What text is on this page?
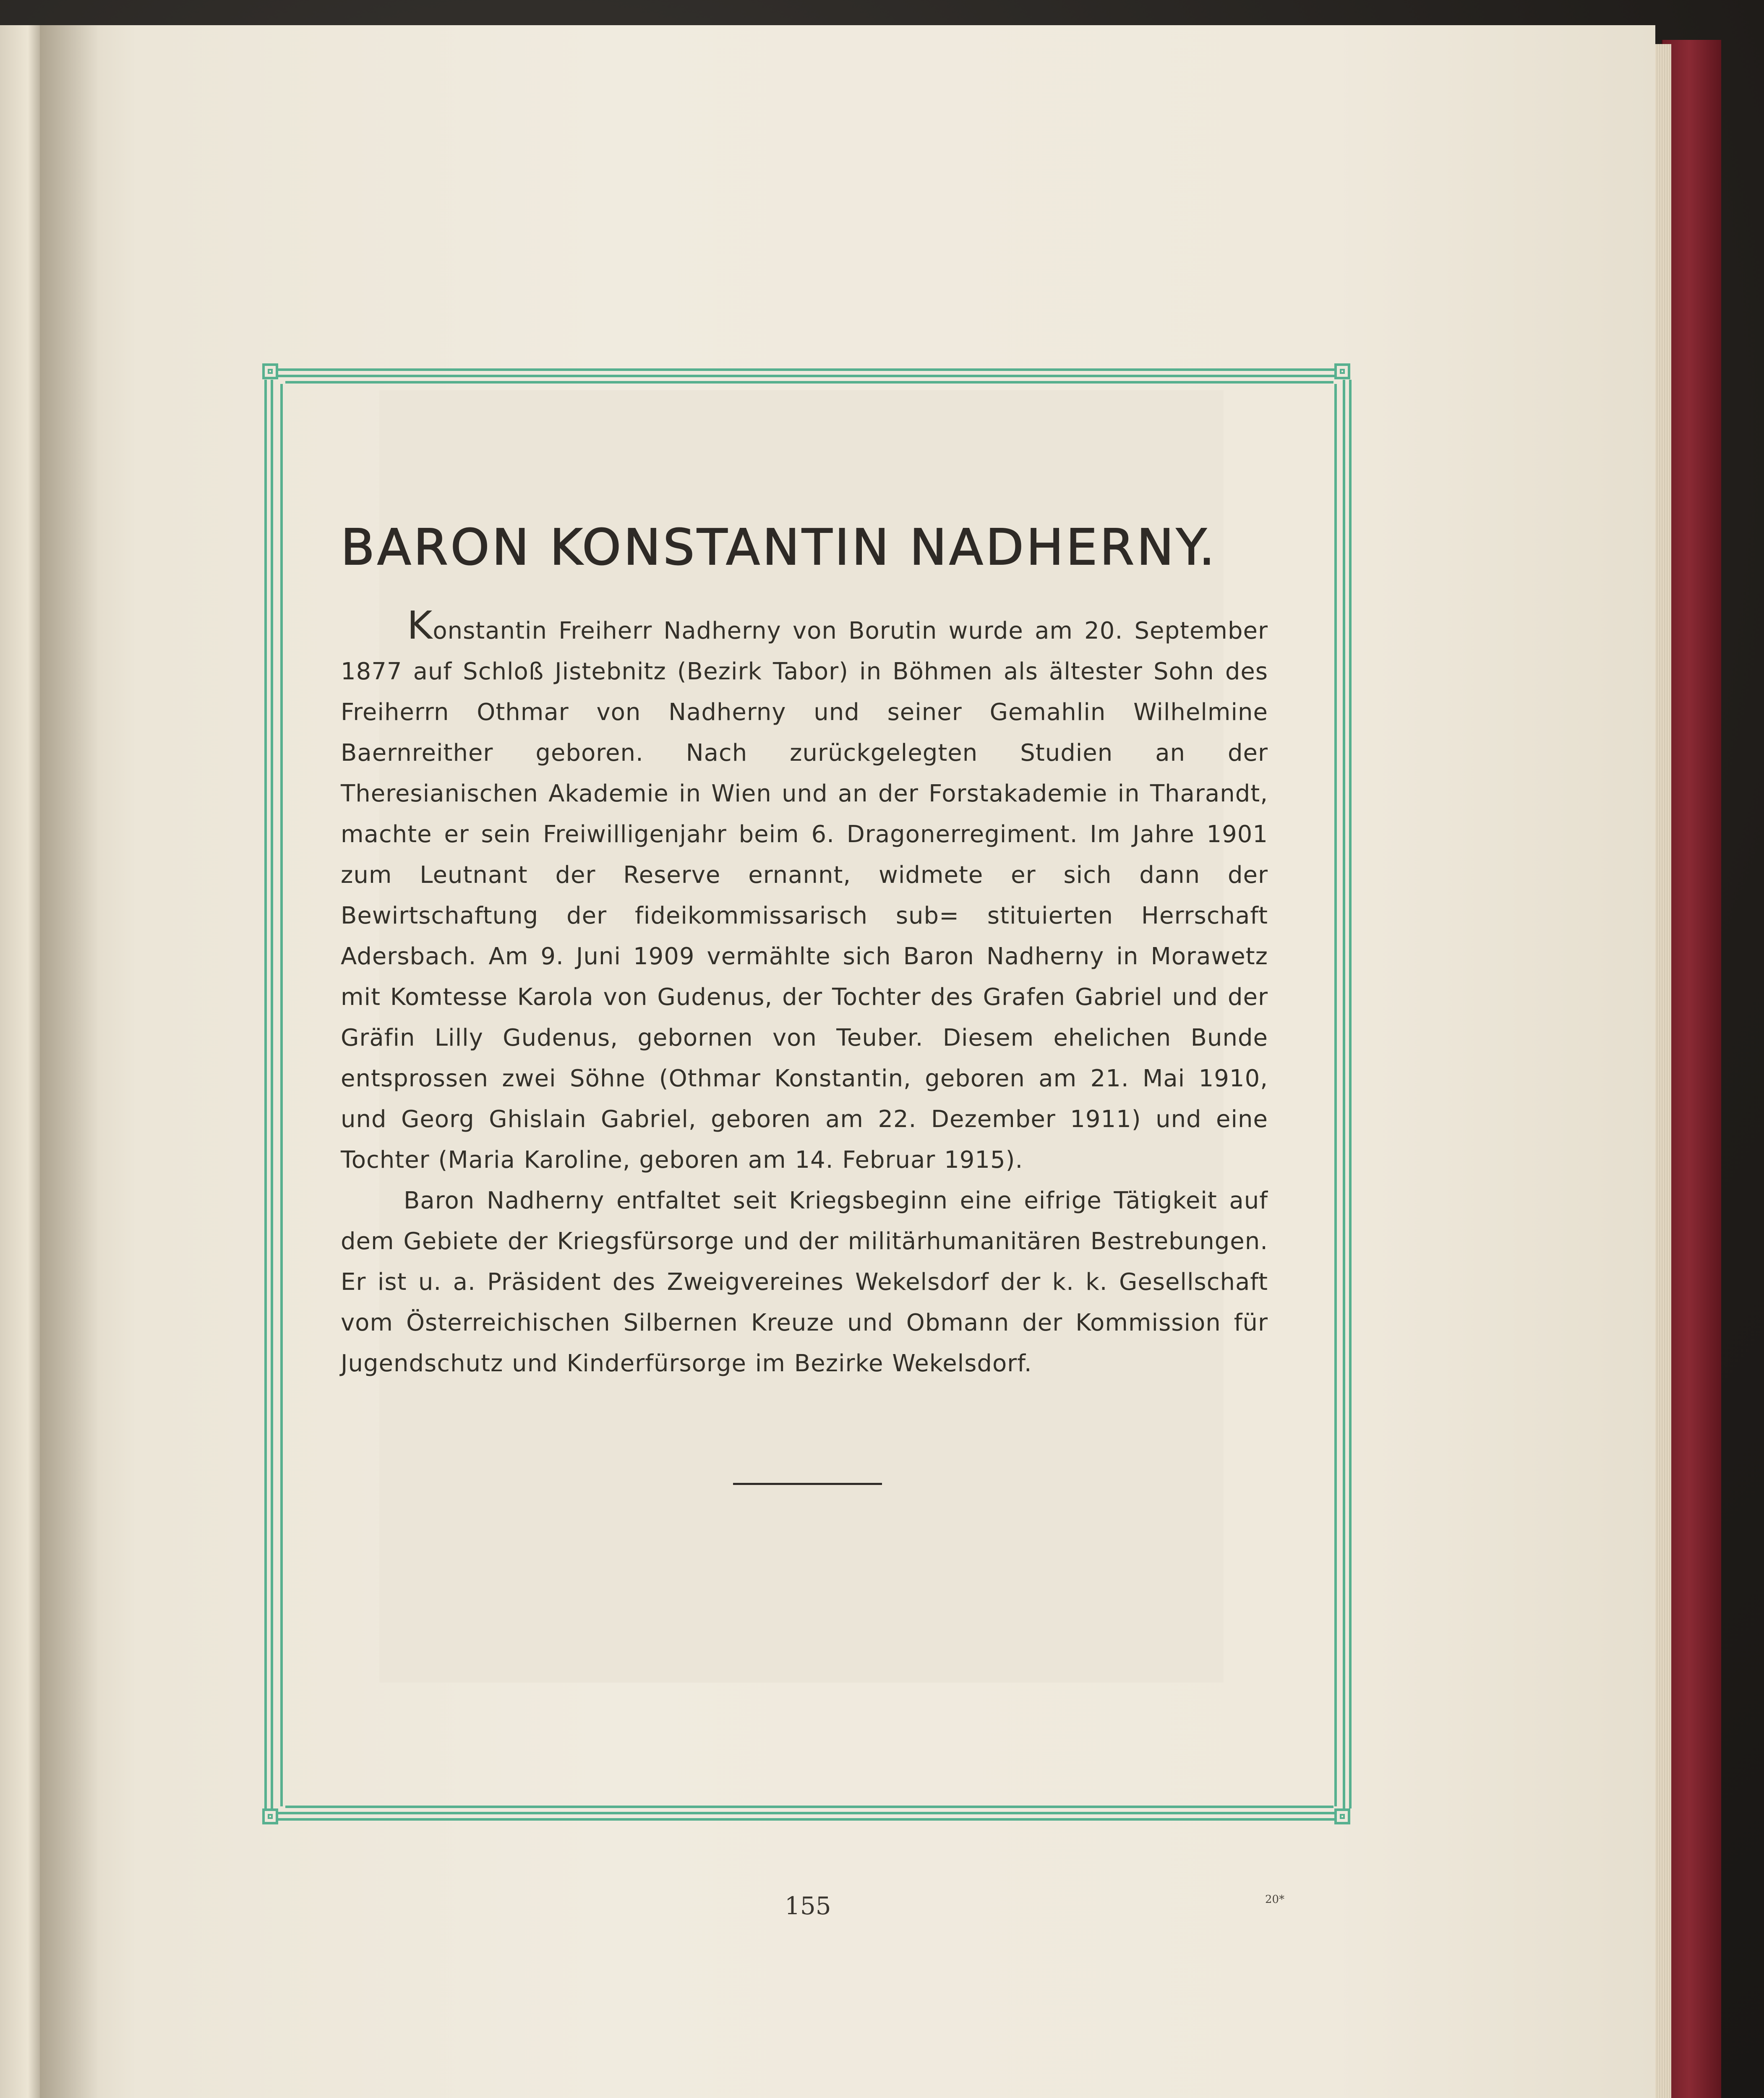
BARON KONSTANTIN NADHERNY.

Konstantin Freiherr Nadherny von Borutin wurde am 20. September 1877 auf Schloß Jistebnitz (Bezirk Tabor) in Böhmen als ältester Sohn des Freiherrn Othmar von Nadherny und seiner Gemahlin Wilhelmine Baernreither geboren. Nach zurückgelegten Studien an der Theresianischen Akademie in Wien und an der Forstakademie in Tharandt, machte er sein Freiwilligenjahr beim 6. Dragonerregiment. Im Jahre 1901 zum Leutnant der Reserve ernannt, widmete er sich dann der Bewirtschaftung der fideikommissarisch sub= stituierten Herrschaft Adersbach. Am 9. Juni 1909 vermählte sich Baron Nadherny in Morawetz mit Komtesse Karola von Gudenus, der Tochter des Grafen Gabriel und der Gräfin Lilly Gudenus, gebornen von Teuber. Diesem ehelichen Bunde entsprossen zwei Söhne (Othmar Konstantin, geboren am 21. Mai 1910, und Georg Ghislain Gabriel, geboren am 22. Dezember 1911) und eine Tochter (Maria Karoline, geboren am 14. Februar 1915).

Baron Nadherny entfaltet seit Kriegsbeginn eine eifrige Tätigkeit auf dem Gebiete der Kriegsfürsorge und der militärhumanitären Bestrebungen. Er ist u. a. Präsident des Zweigvereines Wekelsdorf der k. k. Gesellschaft vom Österreichischen Silbernen Kreuze und Obmann der Kommission für Jugendschutz und Kinderfürsorge im Bezirke Wekelsdorf.

155	20*
